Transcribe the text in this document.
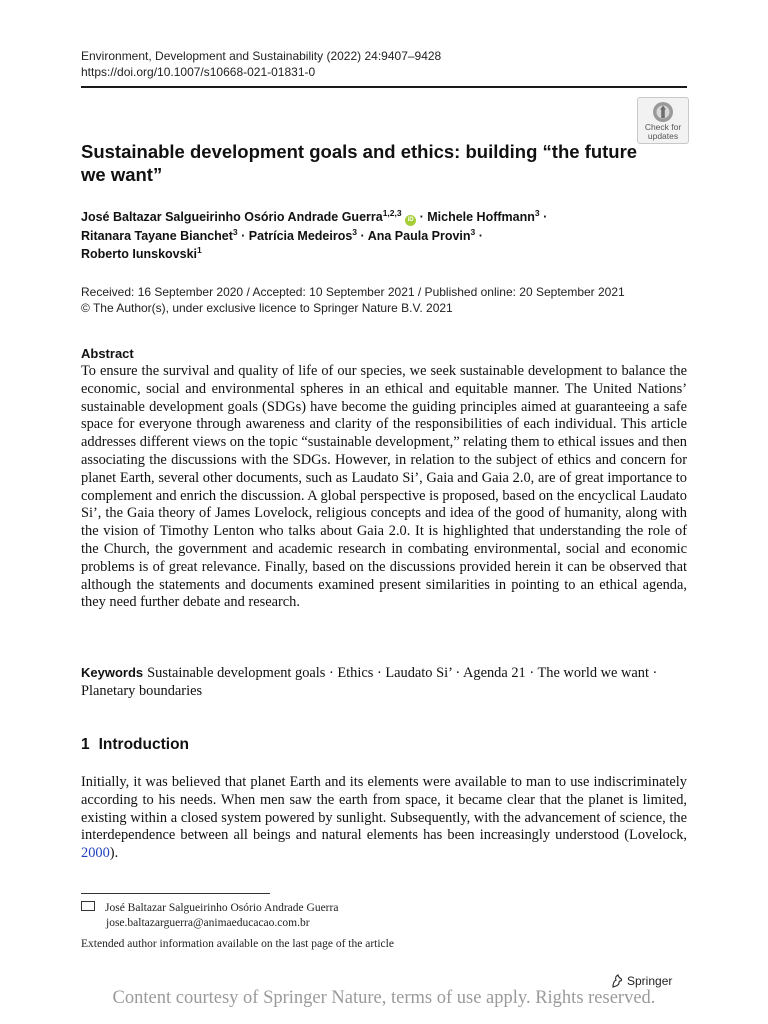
Environment, Development and Sustainability (2022) 24:9407–9428
https://doi.org/10.1007/s10668-021-01831-0
Check for
updates
Sustainable development goals and ethics: building “the future we want”
José Baltazar Salgueirinho Osório Andrade Guerra$^{1,2,3}$ iD · Michele Hoffmann$^3$ ·
Ritanara Tayane Bianchet$^3$ · Patrícia Medeiros$^3$ · Ana Paula Provin$^3$ ·
Roberto Iunskovski$^1$
Received: 16 September 2020 / Accepted: 10 September 2021 / Published online: 20 September 2021
© The Author(s), under exclusive licence to Springer Nature B.V. 2021
Abstract
To ensure the survival and quality of life of our species, we seek sustainable development to balance the economic, social and environmental spheres in an ethical and equitable manner. The United Nations’ sustainable development goals (SDGs) have become the guiding principles aimed at guaranteeing a safe space for everyone through awareness and clarity of the responsibilities of each individual. This article addresses different views on the topic “sustainable development,” relating them to ethical issues and then associating the discussions with the SDGs. However, in relation to the subject of ethics and concern for planet Earth, several other documents, such as Laudato Si’, Gaia and Gaia 2.0, are of great importance to complement and enrich the discussion. A global perspective is proposed, based on the encyclical Laudato Si’, the Gaia theory of James Lovelock, religious concepts and idea of the good of humanity, along with the vision of Timothy Lenton who talks about Gaia 2.0. It is highlighted that understanding the role of the Church, the government and academic research in combating environmental, social and economic problems is of great relevance. Finally, based on the discussions provided herein it can be observed that although the statements and documents examined present similarities in pointing to an ethical agenda, they need further debate and research.
Keywords Sustainable development goals · Ethics · Laudato Si’ · Agenda 21 · The world we want · Planetary boundaries
1 Introduction
Initially, it was believed that planet Earth and its elements were available to man to use indiscriminately according to his needs. When men saw the earth from space, it became clear that the planet is limited, existing within a closed system powered by sunlight. Subsequently, with the advancement of science, the interdependence between all beings and natural elements has been increasingly understood (Lovelock, 2000).
José Baltazar Salgueirinho Osório Andrade Guerra
jose.baltazarguerra@animaeducacao.com.br
Extended author information available on the last page of the article
Springer
Content courtesy of Springer Nature, terms of use apply. Rights reserved.
